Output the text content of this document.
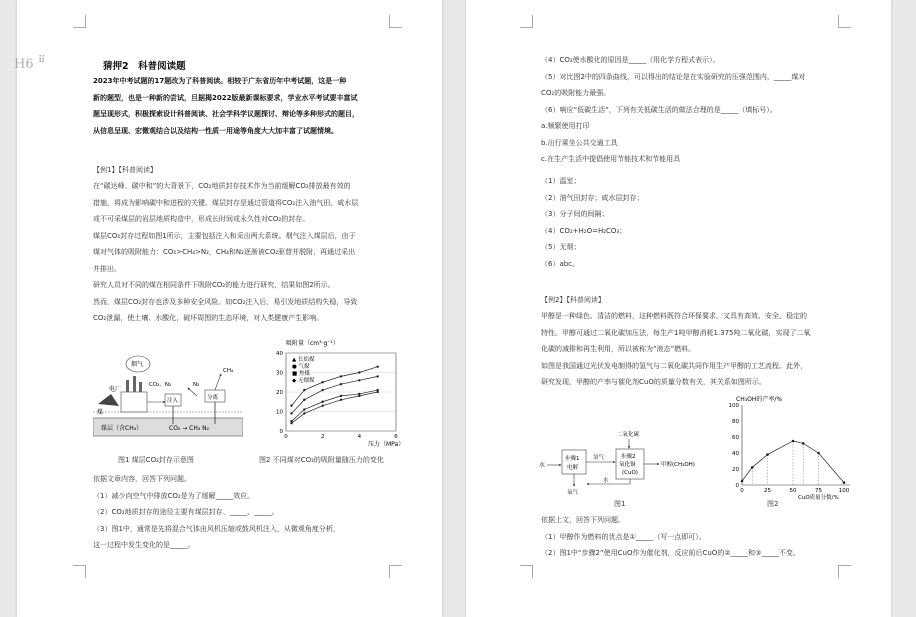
H6 ⠿
猜押2　科普阅读题
2023年中考试题的17题改为了科普阅读。相较于广东省历年中考试题，这是一种
新的题型，也是一种新的尝试，旦据揭2022版最新课标要求，学业水平考试要丰富试
题呈现形式，积极探索设计科普阅读、社会学科学议题探讨、辩论等多种形式的题目，
从信息呈现、宏微观结合以及结构一性质一用途等角度大大加丰富了试题情境。
【例1】【科普阅读】
在“碳达峰、碳中和”的大背景下，CO₂地质封存技术作为当前缓解CO₂排放最有效的
措施，将成为影响碳中和进程的关键。煤层封存是通过管道将CO₂注入油气田、咸水层
或不可采煤层的岩层地质构造中，形成长时间或永久性对CO₂的封存。
煤层CO₂封存过程如图1所示，主要包括注入和采出两大系统。烟气注入煤层后，由于
煤对气体的吸附能力：CO₂>CH₄>N₂，CH₄和N₂逐渐被CO₂驱替并脱附，再通过采出
井排出。
研究人员对不同的煤在相同条件下吸附CO₂的能力进行研究，结果如图2所示。
然而，煤层CO₂封存也涉及多种安全风险。如CO₂注入后，易引发地质结构失稳，导致
CO₂泄漏，使土壤、水酸化，破坏周围的生态环境，对人类健康产生影响。
烟气
电厂
煤
CO₂、N₂
注入
N₂
CH₄
分离
煤层（含CH₄）	CO₂ → CH₄ N₂
图1 煤层CO₂封存示意图
0
10
20
30
40
0	2	4	6
吸附量（cm³·g⁻¹）
压力（MPa）
▲ 长焰煤
● 气煤
■ 焦煤
◆ 无烟煤
图2 不同煤对CO₂的吸附量随压力的变化
依据文章内容，回答下列问题。
（1）减少向空气中排放CO₂是为了缓解_____效应。
（2）CO₂地质封存的途径主要有煤层封存、_____、_____。
（3）图1中，通常是先将混合气体由风机压缩或鼓风机注入，从微观角度分析，
这一过程中发生变化的是_____。
（4）CO₂使水酸化的原因是_____（用化学方程式表示）。
（5）对比图2中的四条曲线，可以得出的结论是在实验研究的压强范围内，_____煤对
CO₂的吸附能力最强。
（6）响应“低碳生活”，下列有关低碳生活的做法合理的是_____（填标号）。
a.频繁使用打印
b.出行乘坐公共交通工具
c.在生产生活中提倡使用节能技术和节能用具
（1）温室；
（2）油气田封存；咸水层封存；
（3）分子间的间隔；
（4）CO₂+H₂O=H₂CO₃；
（5）无烟；
（6）abc。
【例2】【科普阅读】
甲醇是一种绿色、清洁的燃料，这种燃料既符合环保要求，又具有高效、安全、稳定的
特性。甲醇可通过二氧化碳加压法，每生产1吨甲醇消耗1.375吨二氧化碳，实现了二氧
化碳的减排和再生利用，所以被称为“液态”燃料。
如图是我国通过光伏发电制得的氢气与二氧化碳共同作用生产甲醇的工艺流程。此外，
研究发现，甲醇的产率与催化剂CuO的质量分数有关，其关系如图所示。
水
步骤1
电解
氢气
二氧化碳
步骤2
氧化铜
(CuO)
甲醇(CH₃OH)
氧气
水
图1
0
20
40
60
80
100
0	25	50	75	100
CH₃OH的产率/%
CuO质量分数/%
图2
依据上文，回答下列问题。
（1）甲醇作为燃料的优点是①_____（写一点即可）。
（2）图1中“步骤2”使用CuO作为催化剂，反应前后CuO的②_____和③_____不变。
